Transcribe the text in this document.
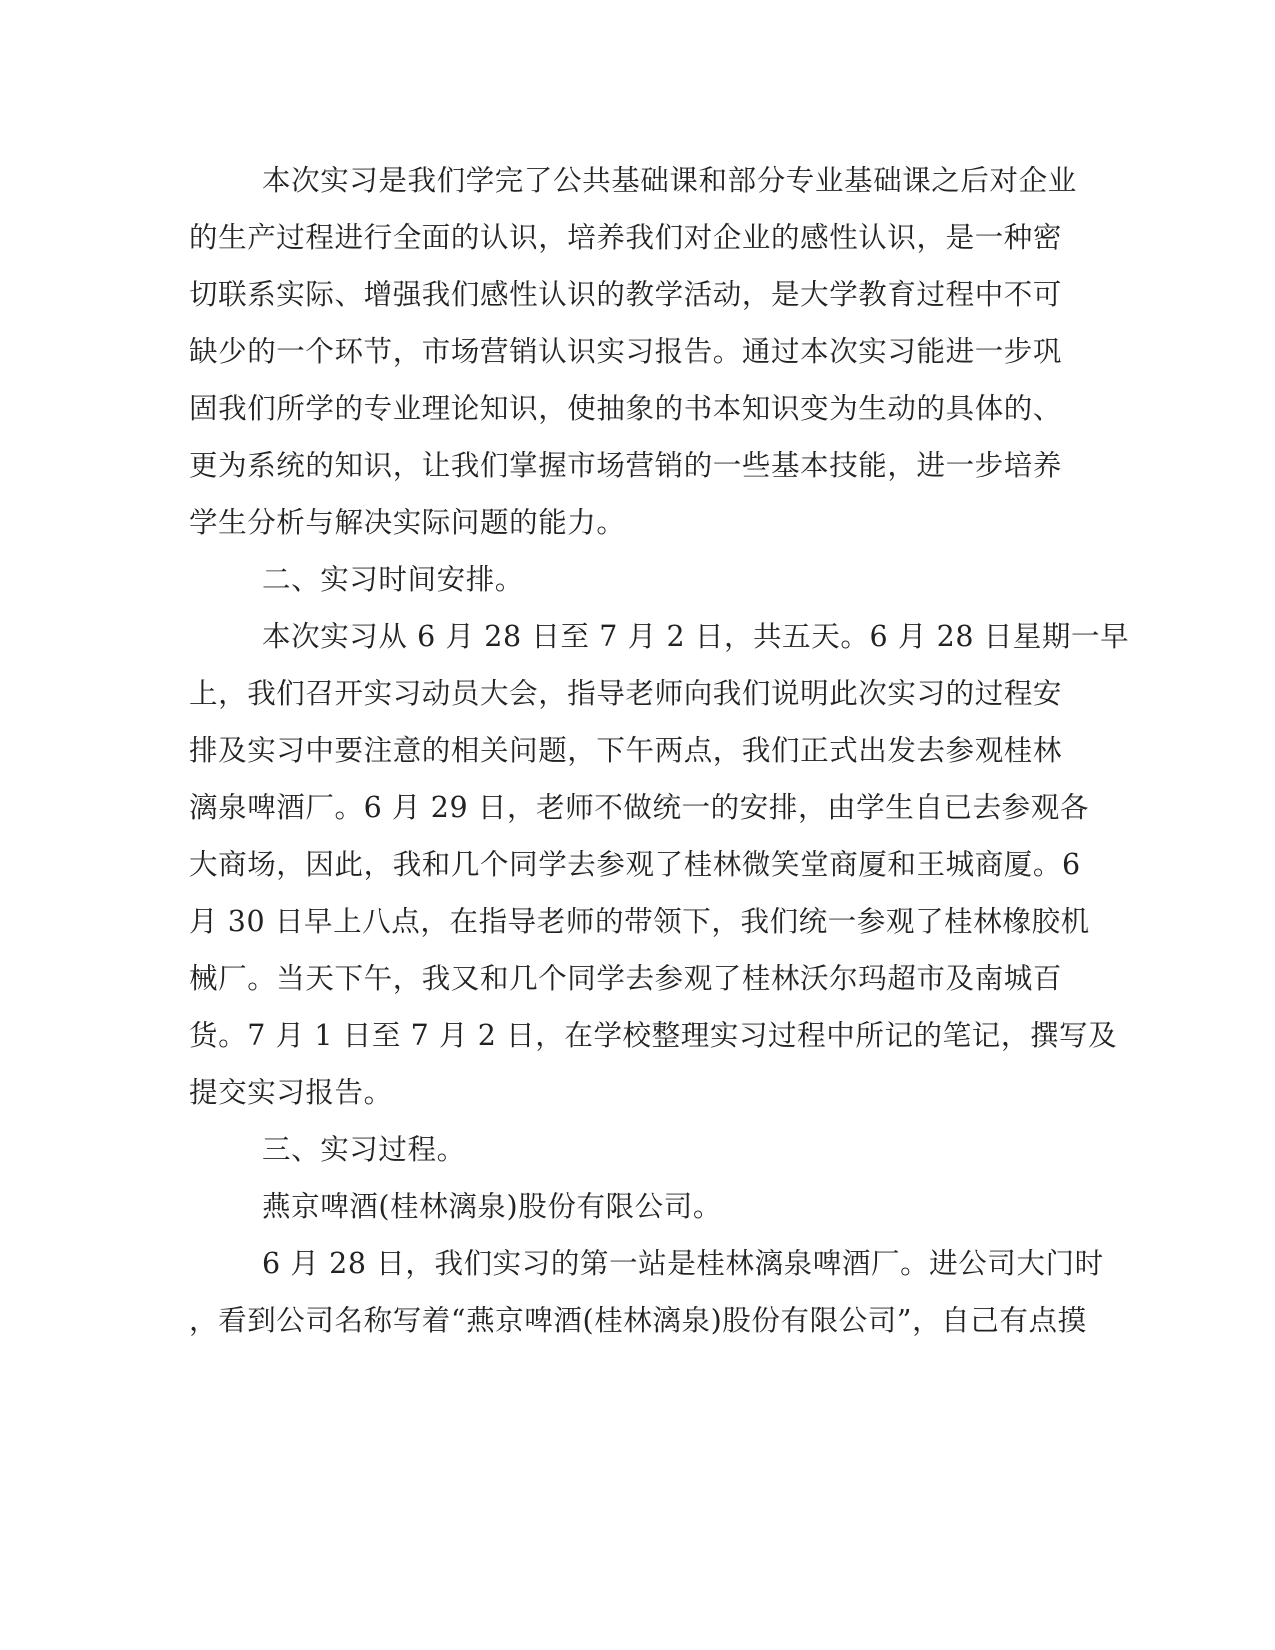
本次实习是我们学完了公共基础课和部分专业基础课之后对企业
的生产过程进行全面的认识，培养我们对企业的感性认识，是一种密
切联系实际、增强我们感性认识的教学活动，是大学教育过程中不可
缺少的一个环节，市场营销认识实习报告。通过本次实习能进一步巩
固我们所学的专业理论知识，使抽象的书本知识变为生动的具体的、
更为系统的知识，让我们掌握市场营销的一些基本技能，进一步培养
学生分析与解决实际问题的能力。
二、实习时间安排。
本次实习从 6 月 28 日至 7 月 2 日，共五天。6 月 28 日星期一早
上，我们召开实习动员大会，指导老师向我们说明此次实习的过程安
排及实习中要注意的相关问题，下午两点，我们正式出发去参观桂林
漓泉啤酒厂。6 月 29 日，老师不做统一的安排，由学生自已去参观各
大商场，因此，我和几个同学去参观了桂林微笑堂商厦和王城商厦。6
月 30 日早上八点，在指导老师的带领下，我们统一参观了桂林橡胶机
械厂。当天下午，我又和几个同学去参观了桂林沃尔玛超市及南城百
货。7 月 1 日至 7 月 2 日，在学校整理实习过程中所记的笔记，撰写及
提交实习报告。
三、实习过程。
燕京啤酒(桂林漓泉)股份有限公司。
6 月 28 日，我们实习的第一站是桂林漓泉啤酒厂。进公司大门时
，看到公司名称写着“燕京啤酒(桂林漓泉)股份有限公司”，自己有点摸
